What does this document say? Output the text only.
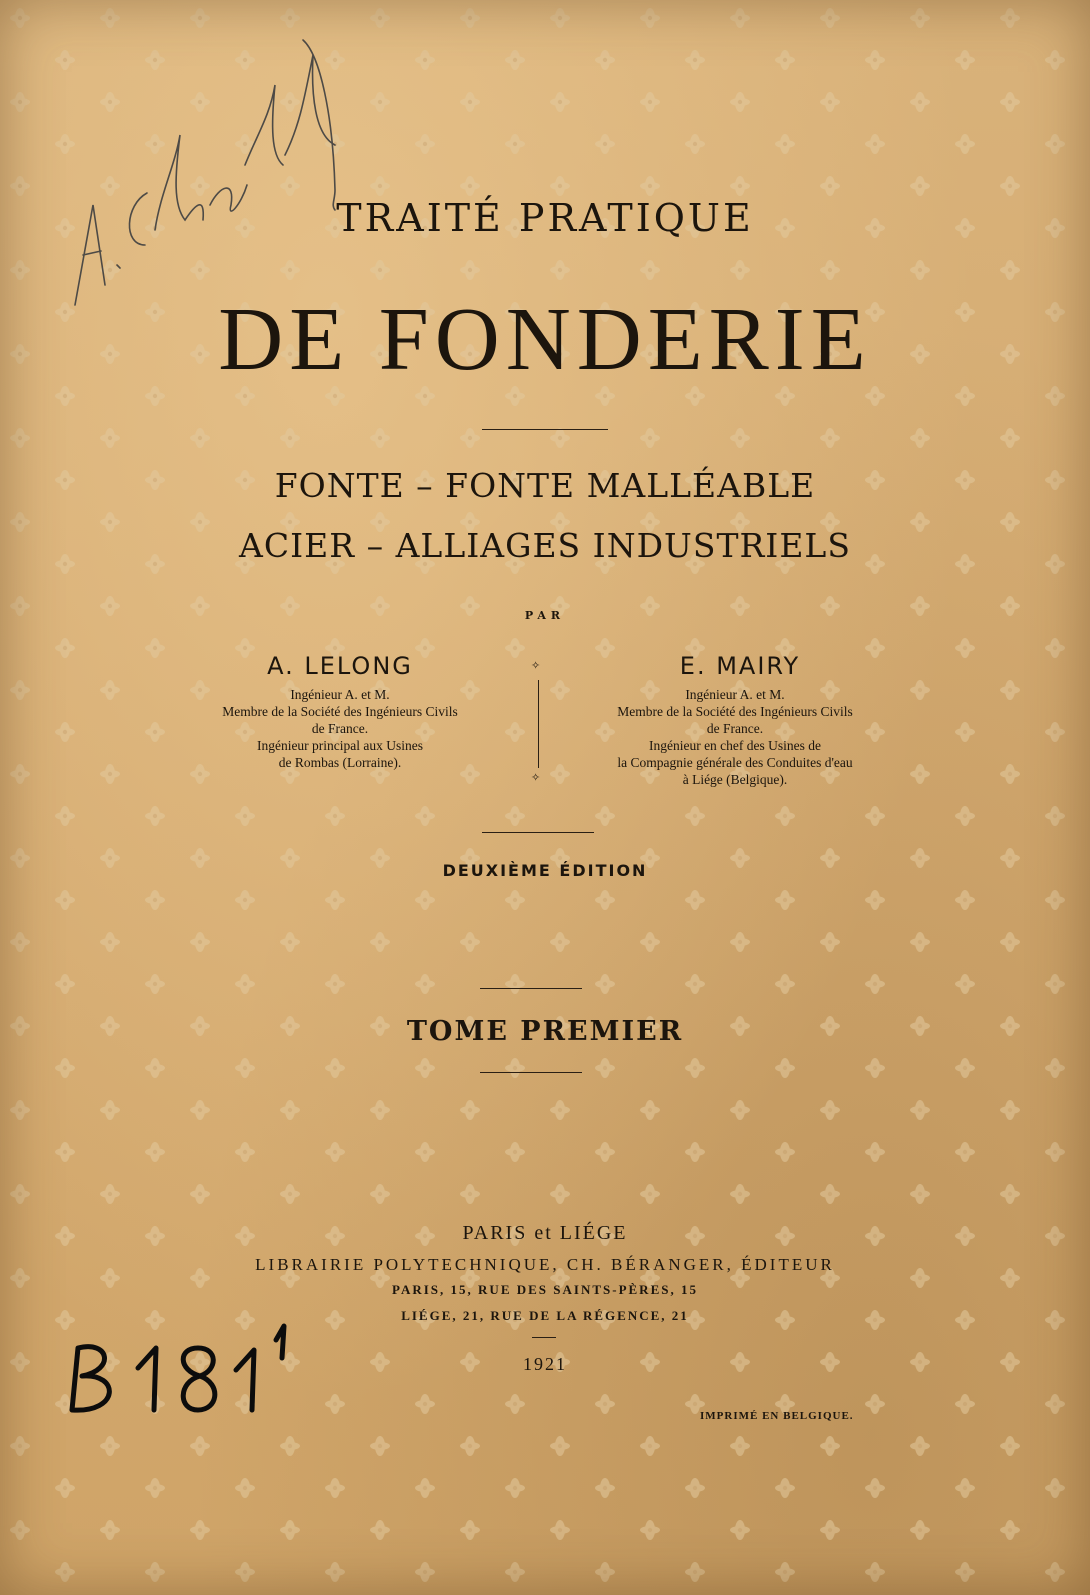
TRAITÉ PRATIQUE
DE FONDERIE
FONTE – FONTE MALLÉABLE
ACIER – ALLIAGES INDUSTRIELS
PAR
A. LELONG
Ingénieur A. et M.
Membre de la Société des Ingénieurs Civils
de France.
Ingénieur principal aux Usines
de Rombas (Lorraine).
✧
✧
E. MAIRY
Ingénieur A. et M.
Membre de la Société des Ingénieurs Civils
de France.
Ingénieur en chef des Usines de
la Compagnie générale des Conduites d'eau
à Liége (Belgique).
DEUXIÈME ÉDITION
TOME PREMIER
PARIS et LIÉGE
LIBRAIRIE POLYTECHNIQUE, CH. BÉRANGER, ÉDITEUR
PARIS, 15, RUE DES SAINTS-PÈRES, 15
LIÉGE, 21, RUE DE LA RÉGENCE, 21
1921
IMPRIMÉ EN BELGIQUE.
